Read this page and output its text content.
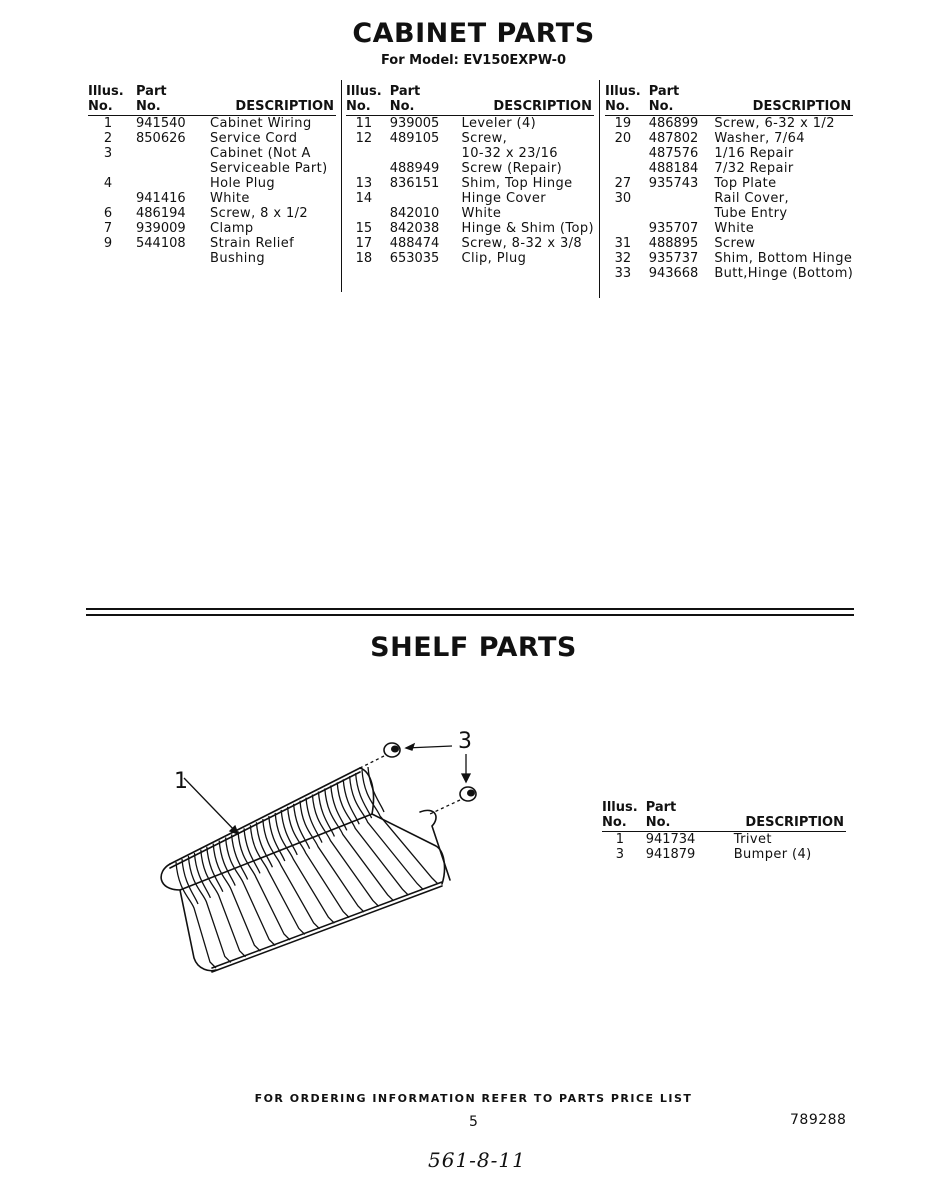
CABINET PARTS
For Model: EV150EXPW-0
Illus.	Part	
No.	No.	DESCRIPTION
1	941540	Cabinet Wiring
2	850626	Service Cord
3		Cabinet (Not A
		Serviceable Part)
4		Hole Plug
	941416	White
6	486194	Screw, 8 x 1/2
7	939009	Clamp
9	544108	Strain Relief
		Bushing
Illus.	Part	
No.	No.	DESCRIPTION
11	939005	Leveler (4)
12	489105	Screw,
		10-32 x 23/16
	488949	Screw (Repair)
13	836151	Shim, Top Hinge
14		Hinge Cover
	842010	White
15	842038	Hinge & Shim (Top)
17	488474	Screw, 8-32 x 3/8
18	653035	Clip, Plug
Illus.	Part	
No.	No.	DESCRIPTION
19	486899	Screw, 6-32 x 1/2
20	487802	Washer, 7/64
	487576	1/16 Repair
	488184	7/32 Repair
27	935743	Top Plate
30		Rail Cover,
		Tube Entry
	935707	White
31	488895	Screw
32	935737	Shim, Bottom Hinge
33	943668	Butt,Hinge (Bottom)
SHELF PARTS
1
3
Illus.	Part	
No.	No.	DESCRIPTION
1	941734	Trivet
3	941879	Bumper (4)
FOR ORDERING INFORMATION REFER TO PARTS PRICE LIST
5	789288
561-8-11
